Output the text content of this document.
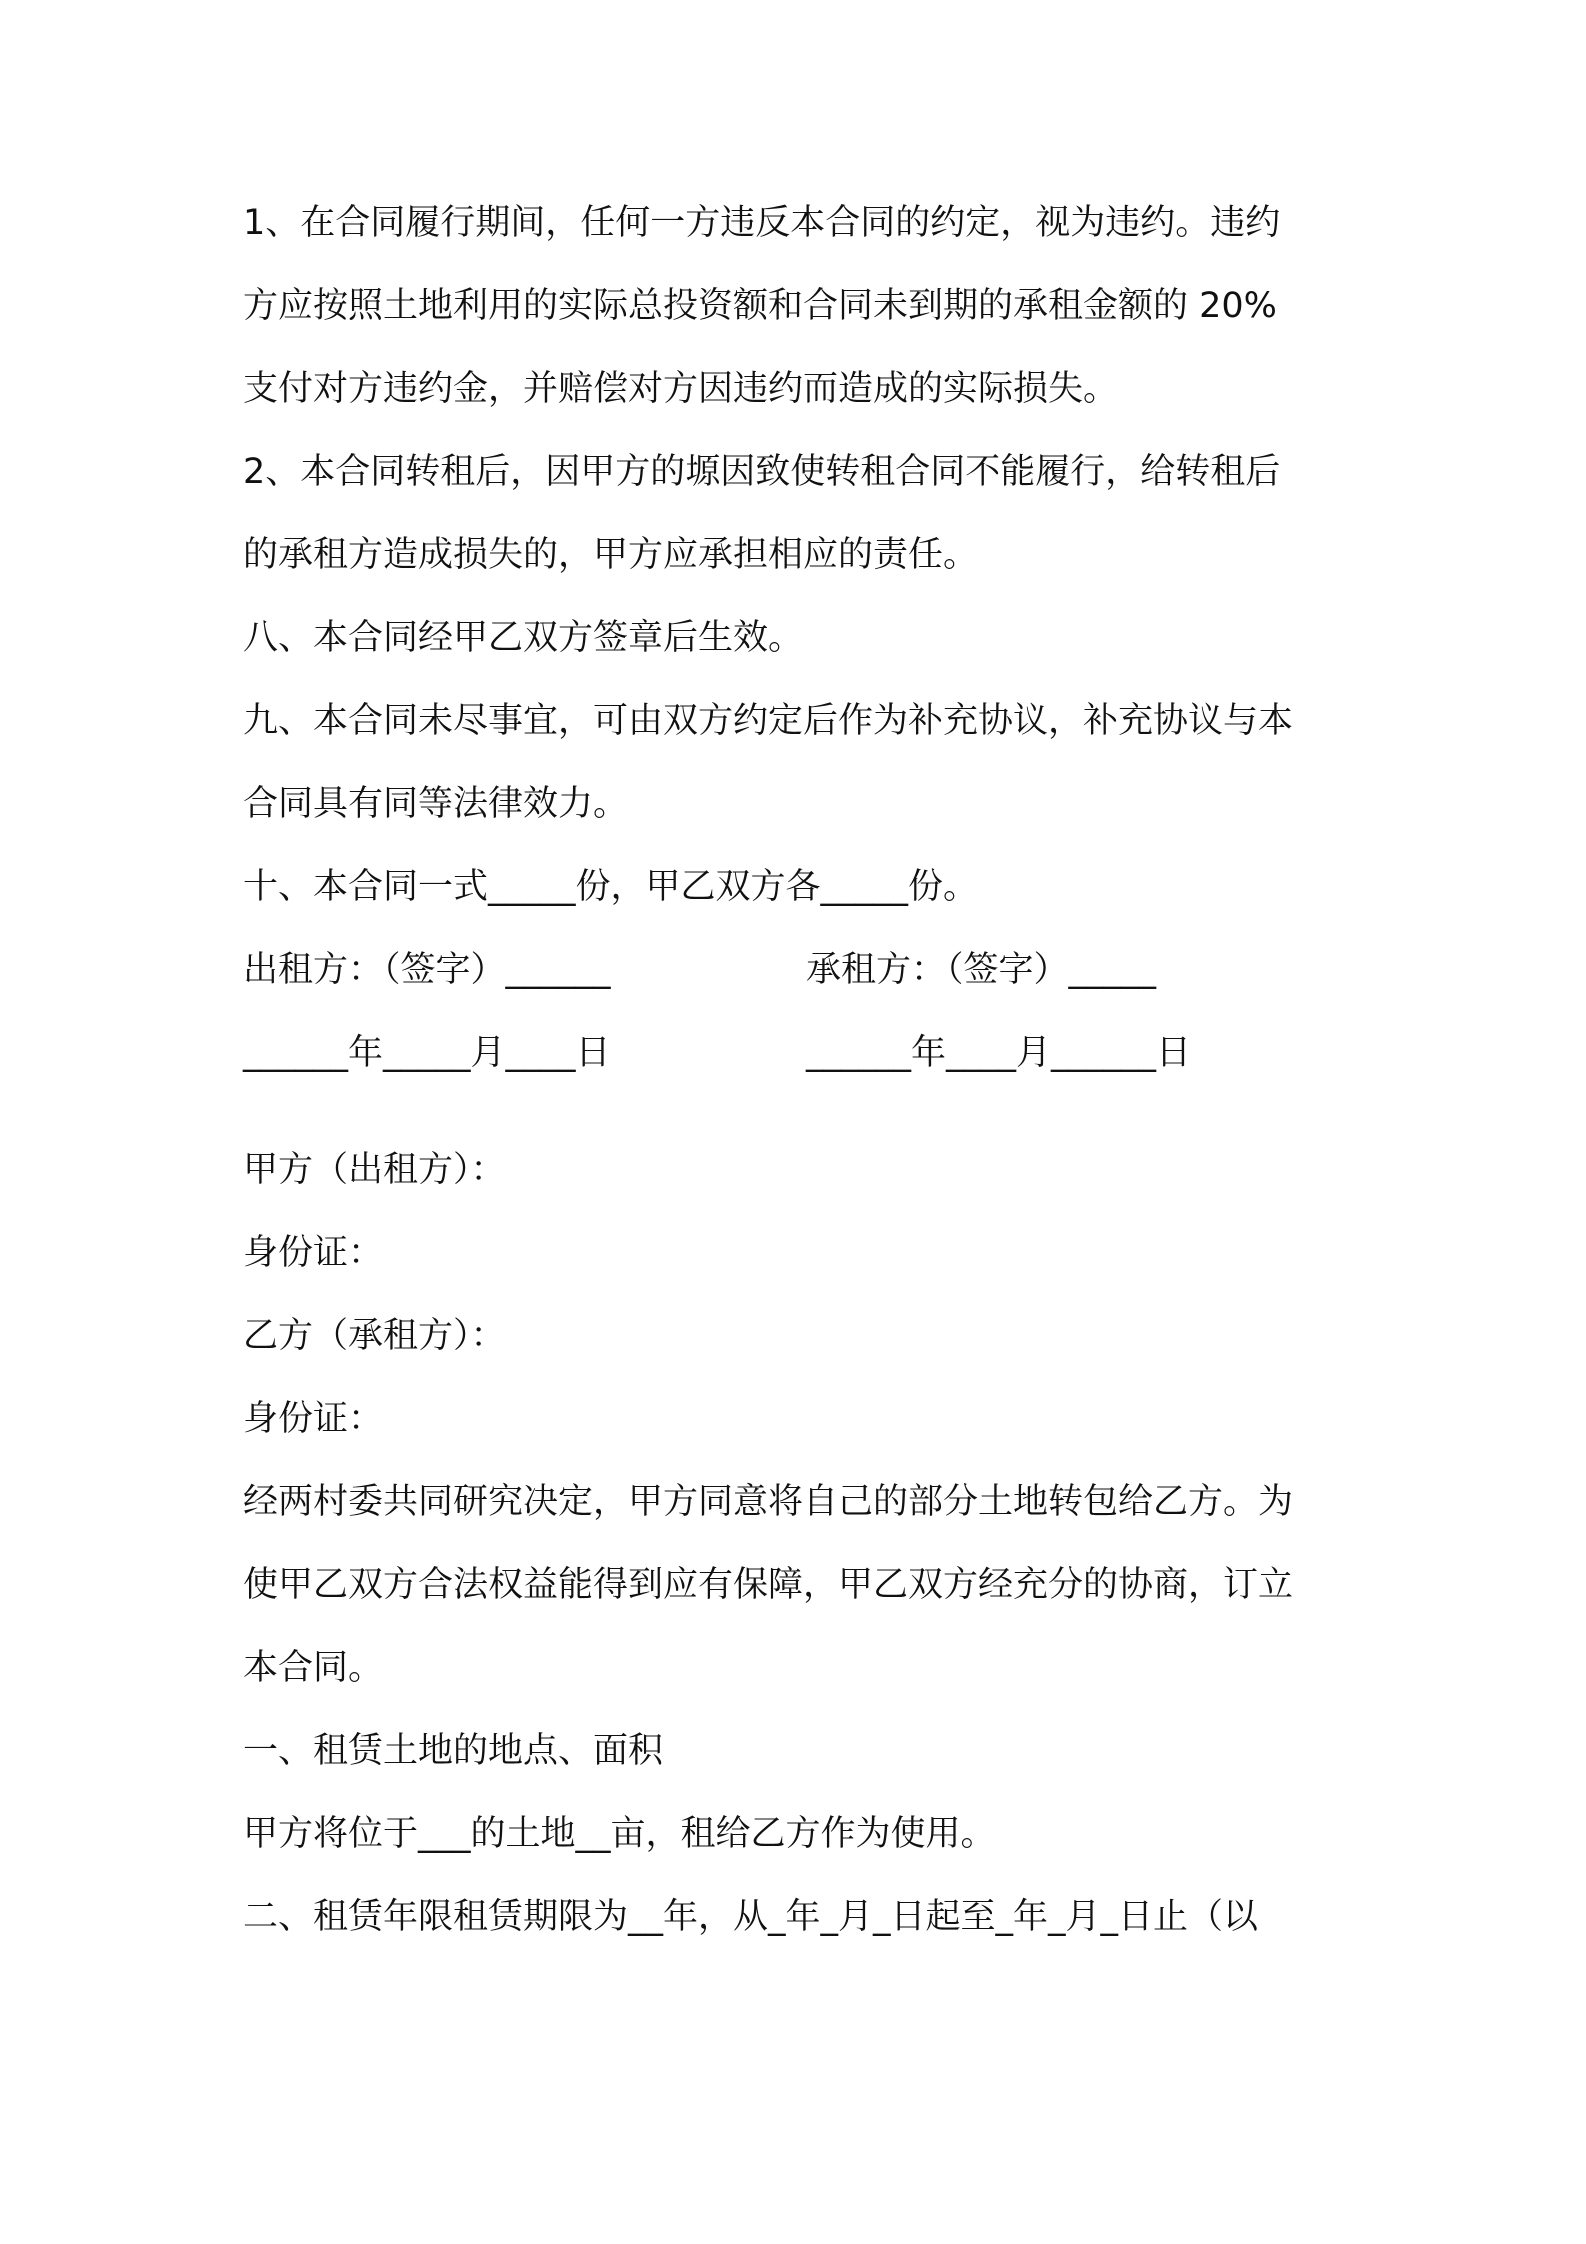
1、在合同履行期间，任何一方违反本合同的约定，视为违约。违约
方应按照土地利用的实际总投资额和合同未到期的承租金额的 20%
支付对方违约金，并赔偿对方因违约而造成的实际损失。
2、本合同转租后，因甲方的塬因致使转租合同不能履行，给转租后
的承租方造成损失的，甲方应承担相应的责任。
八、本合同经甲乙双方签章后生效。
九、本合同未尽事宜，可由双方约定后作为补充协议，补充协议与本
合同具有同等法律效力。
十、本合同一式_____份，甲乙双方各_____份。
出租方：（签字）______	承租方：（签字）_____
______年_____月____日	______年____月______日
甲方（出租方）：
身份证：
乙方（承租方）：
身份证：
经两村委共同研究决定，甲方同意将自己的部分土地转包给乙方。为
使甲乙双方合法权益能得到应有保障，甲乙双方经充分的协商，订立
本合同。
一、租赁土地的地点、面积
甲方将位于___的土地__亩，租给乙方作为使用。
二、租赁年限租赁期限为__年，从_年_月_日起至_年_月_日止（以
